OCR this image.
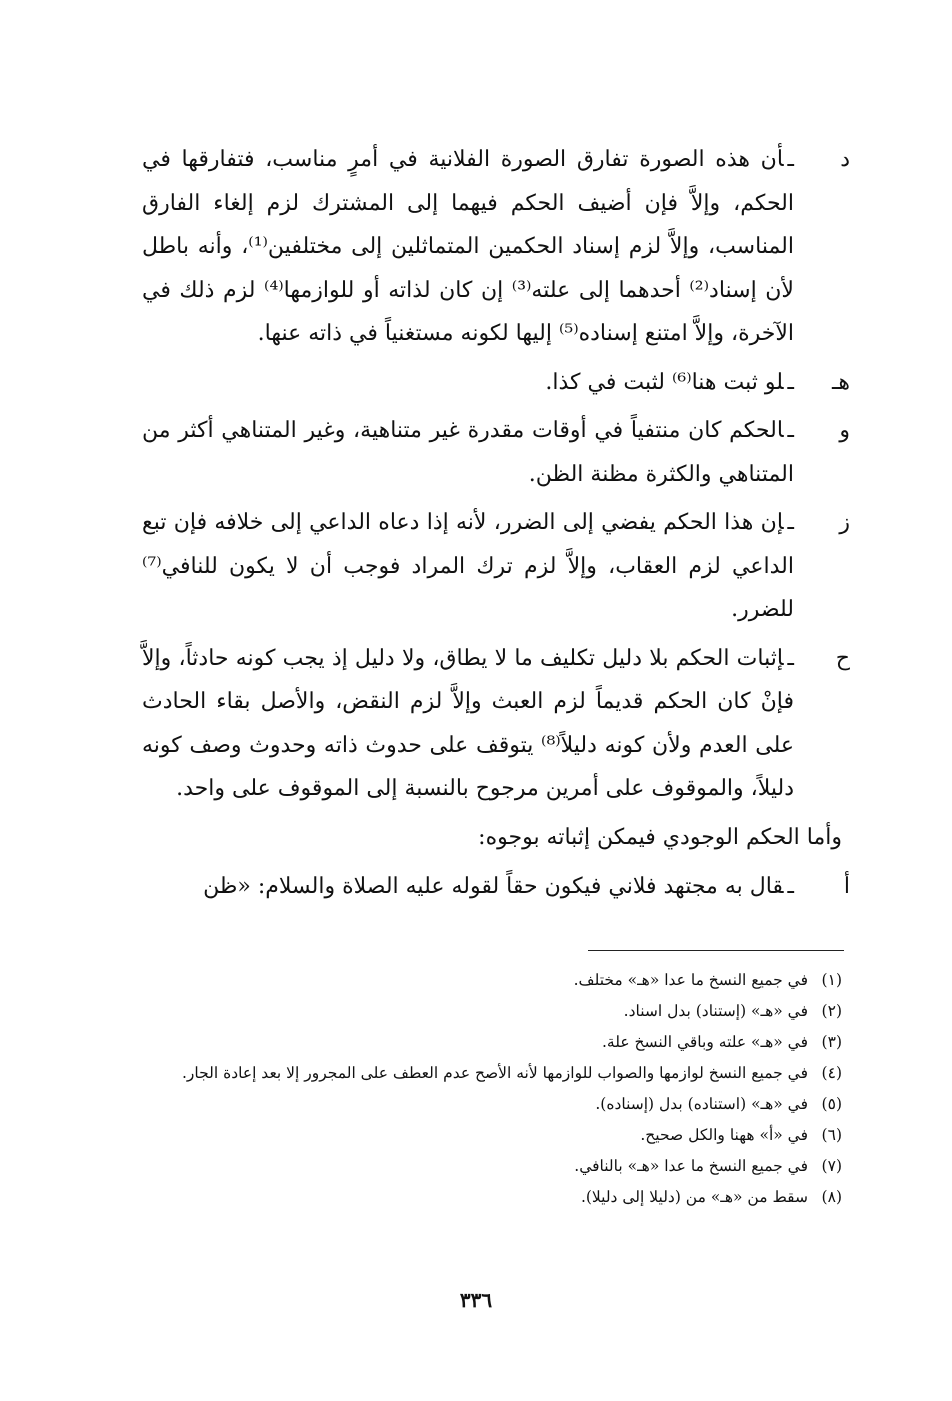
د
ـأن هذه الصورة تفارق الصورة الفلانية في أمرٍ مناسب، فتفارقها في الحكم، وإلاَّ فإن أضيف الحكم فيهما إلى المشترك لزم إلغاء الفارق المناسب، وإلاَّ لزم إسناد الحكمين المتماثلين إلى مختلفين⁽¹⁾، وأنه باطل لأن إسناد⁽²⁾ أحدهما إلى علته⁽³⁾ إن كان لذاته أو للوازمها⁽⁴⁾ لزم ذلك في الآخرة، وإلاَّ امتنع إسناده⁽⁵⁾ إليها لكونه مستغنياً في ذاته عنها.

هـ
ـلو ثبت هنا⁽⁶⁾ لثبت في كذا.

و
ـالحكم كان منتفياً في أوقات مقدرة غير متناهية، وغير المتناهي أكثر من المتناهي والكثرة مظنة الظن.

ز
ـإن هذا الحكم يفضي إلى الضرر، لأنه إذا دعاه الداعي إلى خلافه فإن تبع الداعي لزم العقاب، وإلاَّ لزم ترك المراد فوجب أن لا يكون للنافي⁽⁷⁾ للضرر.

ح
ـإثبات الحكم بلا دليل تكليف ما لا يطاق، ولا دليل إذ يجب كونه حادثاً، وإلاَّ فإنْ كان الحكم قديماً لزم العبث وإلاَّ لزم النقض، والأصل بقاء الحادث على العدم ولأن كونه دليلاً⁽⁸⁾ يتوقف على حدوث ذاته وحدوث وصف كونه دليلاً، والموقوف على أمرين مرجوح بالنسبة إلى الموقوف على واحد.

وأما الحكم الوجودي فيمكن إثباته بوجوه:

أ
ـقال به مجتهد فلاني فيكون حقاً لقوله عليه الصلاة والسلام: «ظن

(١)
في جميع النسخ ما عدا «هـ» مختلف.

(٢)
في «هـ» (إستناد) بدل اسناد.

(٣)
في «هـ» علته وباقي النسخ علة.

(٤)
في جميع النسخ لوازمها والصواب للوازمها لأنه الأصح عدم العطف على المجرور إلا بعد إعادة الجار.

(٥)
في «هـ» (استناده) بدل (إسناده).

(٦)
في «أ» ههنا والكل صحيح.

(٧)
في جميع النسخ ما عدا «هـ» بالنافي.

(٨)
سقط من «هـ» من (دليلا إلى دليلا).

٣٣٦
